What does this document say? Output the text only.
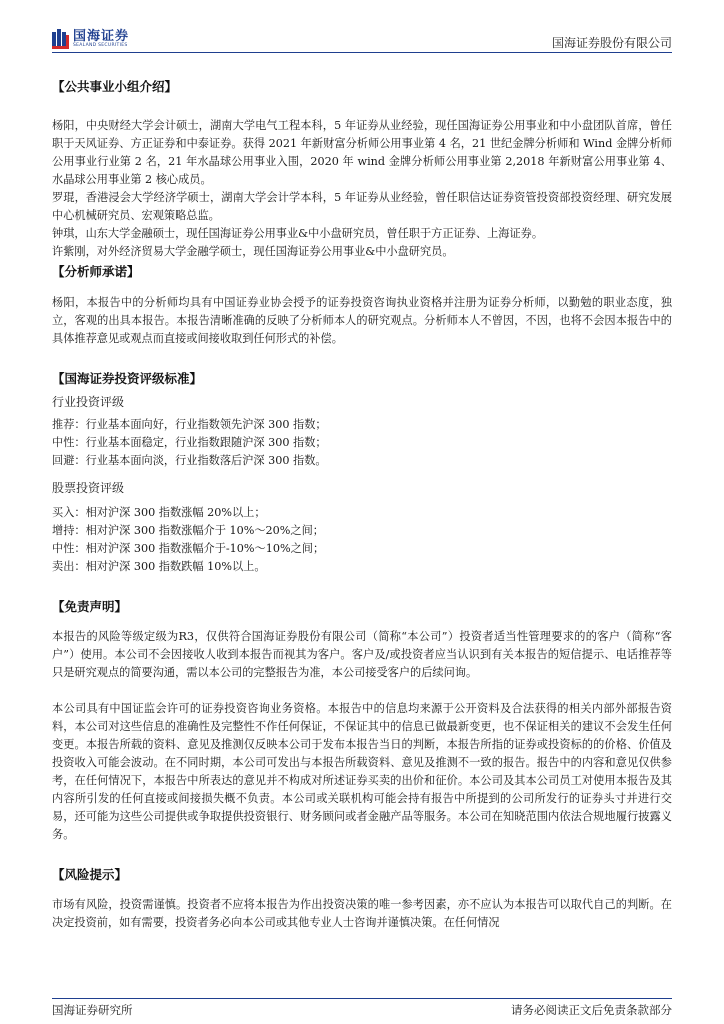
国海证券
SEALAND SECURITIES	国海证券股份有限公司
【公共事业小组介绍】

杨阳，中央财经大学会计硕士，湖南大学电气工程本科，5 年证券从业经验，现任国海证券公用事业和中小盘团队首席，曾任职于天风证券、方正证券和中泰证券。获得 2021 年新财富分析师公用事业第 4 名，21 世纪金牌分析师和 Wind 金牌分析师公用事业行业第 2 名，21 年水晶球公用事业入围，2020 年 wind 金牌分析师公用事业第 2,2018 年新财富公用事业第 4、水晶球公用事业第 2 核心成员。

罗琨，香港浸会大学经济学硕士，湖南大学会计学本科，5 年证券从业经验，曾任职信达证券资管投资部投资经理、研究发展中心机械研究员、宏观策略总监。

钟琪，山东大学金融硕士，现任国海证券公用事业&中小盘研究员，曾任职于方正证券、上海证券。

许紫刚，对外经济贸易大学金融学硕士，现任国海证券公用事业&中小盘研究员。

【分析师承诺】

杨阳，本报告中的分析师均具有中国证券业协会授予的证券投资咨询执业资格并注册为证券分析师，以勤勉的职业态度，独立，客观的出具本报告。本报告清晰准确的反映了分析师本人的研究观点。分析师本人不曾因，不因，也将不会因本报告中的具体推荐意见或观点而直接或间接收取到任何形式的补偿。

【国海证券投资评级标准】

行业投资评级

推荐：行业基本面向好，行业指数领先沪深 300 指数；

中性：行业基本面稳定，行业指数跟随沪深 300 指数；

回避：行业基本面向淡，行业指数落后沪深 300 指数。

股票投资评级

买入：相对沪深 300 指数涨幅 20%以上；

增持：相对沪深 300 指数涨幅介于 10%～20%之间；

中性：相对沪深 300 指数涨幅介于-10%～10%之间；

卖出：相对沪深 300 指数跌幅 10%以上。

【免责声明】

本报告的风险等级定级为R3，仅供符合国海证券股份有限公司（简称“本公司”）投资者适当性管理要求的的客户（简称“客户”）使用。本公司不会因接收人收到本报告而视其为客户。客户及/或投资者应当认识到有关本报告的短信提示、电话推荐等只是研究观点的简要沟通，需以本公司的完整报告为准，本公司接受客户的后续问询。

本公司具有中国证监会许可的证券投资咨询业务资格。本报告中的信息均来源于公开资料及合法获得的相关内部外部报告资料，本公司对这些信息的准确性及完整性不作任何保证，不保证其中的信息已做最新变更，也不保证相关的建议不会发生任何变更。本报告所载的资料、意见及推测仅反映本公司于发布本报告当日的判断，本报告所指的证券或投资标的的价格、价值及投资收入可能会波动。在不同时期，本公司可发出与本报告所载资料、意见及推测不一致的报告。报告中的内容和意见仅供参考，在任何情况下，本报告中所表达的意见并不构成对所述证券买卖的出价和征价。本公司及其本公司员工对使用本报告及其内容所引发的任何直接或间接损失概不负责。本公司或关联机构可能会持有报告中所提到的公司所发行的证券头寸并进行交易，还可能为这些公司提供或争取提供投资银行、财务顾问或者金融产品等服务。本公司在知晓范围内依法合规地履行披露义务。

【风险提示】

市场有风险，投资需谨慎。投资者不应将本报告为作出投资决策的唯一参考因素，亦不应认为本报告可以取代自己的判断。在决定投资前，如有需要，投资者务必向本公司或其他专业人士咨询并谨慎决策。在任何情况

国海证券研究所	请务必阅读正文后免责条款部分
